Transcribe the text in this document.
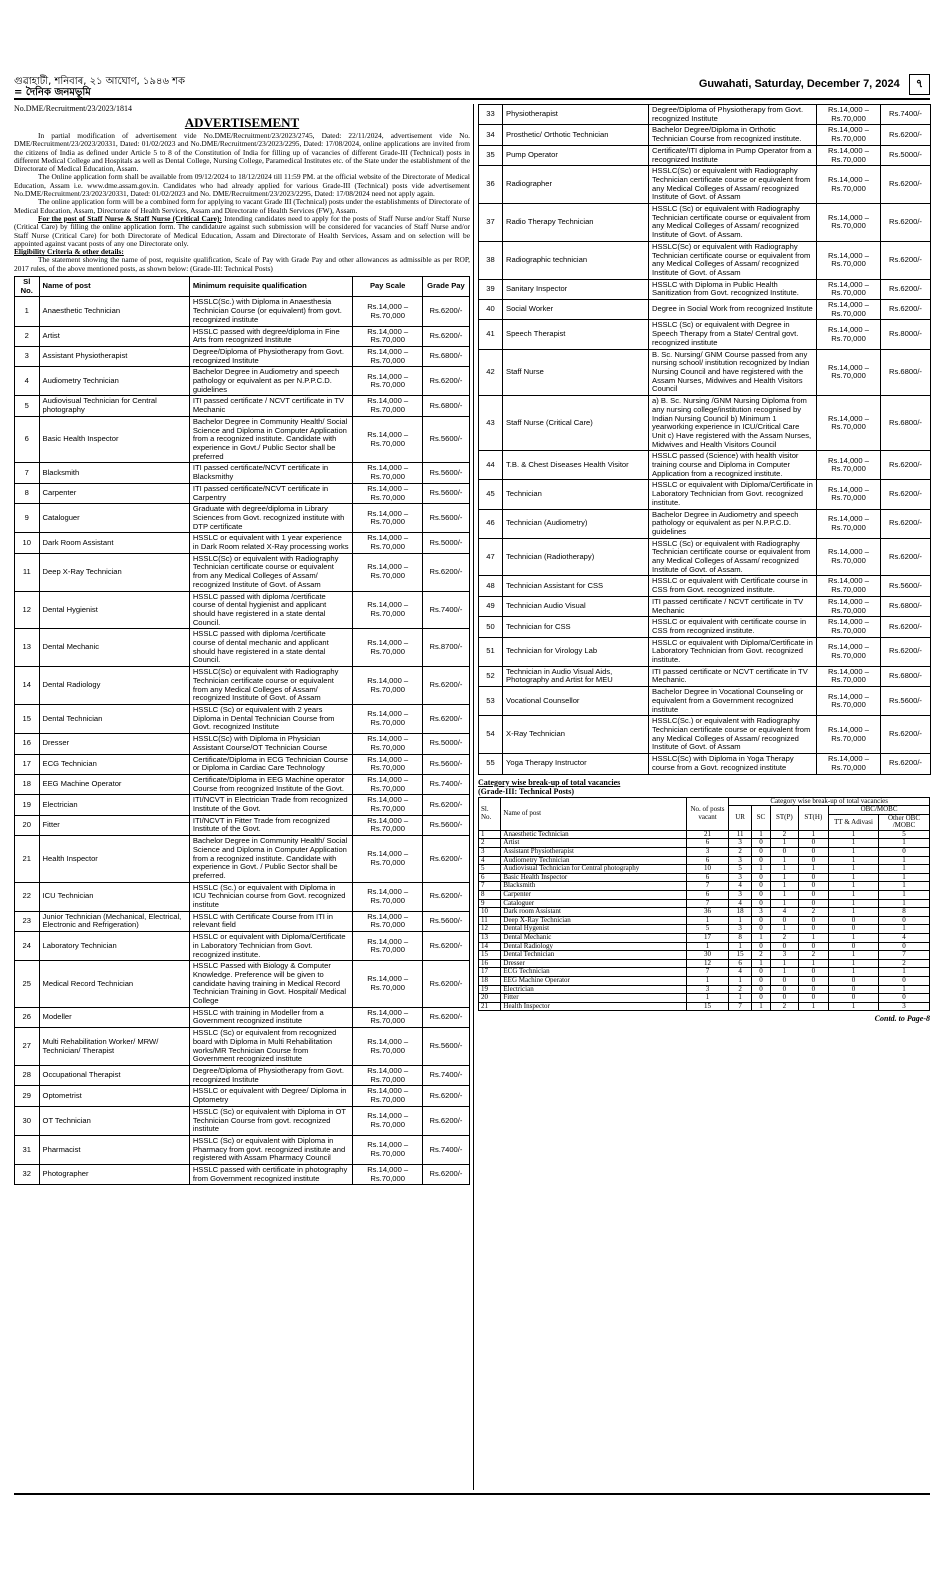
গুৱাহাটী, শনিবাৰ, ২১ আঘোণ, ১৯৪৬ শক	Guwahati, Saturday, December 7, 2024 ৭
= দৈনিক জনমভূমি
No.DME/Recruitment/23/2023/1814
ADVERTISEMENT

In partial modification of advertisement vide No.DME/Recruitment/23/2023/2745, Dated: 22/11/2024, advertisement vide No. DME/Recruitment/23/2023/20331, Dated: 01/02/2023 and No.DME/Recruitment/23/2023/2295, Dated: 17/08/2024, online applications are invited from the citizens of India as defined under Article 5 to 8 of the Constitution of India for filling up of vacancies of different Grade-III (Technical) posts in different Medical College and Hospitals as well as Dental College, Nursing College, Paramedical Institutes etc. of the State under the establishment of the Directorate of Medical Education, Assam.

The Online application form shall be available from 09/12/2024 to 18/12/2024 till 11:59 PM. at the official website of the Directorate of Medical Education, Assam i.e. www.dme.assam.gov.in. Candidates who had already applied for various Grade-III (Technical) posts vide advertisement No.DME/Recruitment/23/2023/20331, Dated: 01/02/2023 and No. DME/Recruitment/23/2023/2295, Dated: 17/08/2024 need not apply again.

The online application form will be a combined form for applying to vacant Grade III (Technical) posts under the establishments of Directorate of Medical Education, Assam, Directorate of Health Services, Assam and Directorate of Health Services (FW), Assam.

For the post of Staff Nurse & Staff Nurse (Critical Care): Intending candidates need to apply for the posts of Staff Nurse and/or Staff Nurse (Critical Care) by filling the online application form. The candidature against such submission will be considered for vacancies of Staff Nurse and/or Staff Nurse (Critical Care) for both Directorate of Medical Education, Assam and Directorate of Health Services, Assam and on selection will be appointed against vacant posts of any one Directorate only.

Eligibility Criteria & other details:

The statement showing the name of post, requisite qualification, Scale of Pay with Grade Pay and other allowances as admissible as per ROP, 2017 rules, of the above mentioned posts, as shown below: (Grade-III: Technical Posts)

Sl No.	Name of post	Minimum requisite qualification	Pay Scale	Grade Pay
1	Anaesthetic Technician	HSSLC(Sc.) with Diploma in Anaesthesia Technician Course (or equivalent) from govt. recognized institute	Rs.14,000 – Rs.70,000	Rs.6200/-
2	Artist	HSSLC passed with degree/diploma in Fine Arts from recognized Institute	Rs.14,000 – Rs.70,000	Rs.6200/-
3	Assistant Physiotherapist	Degree/Diploma of Physiotherapy from Govt. recognized Institute	Rs.14,000 – Rs.70,000	Rs.6800/-
4	Audiometry Technician	Bachelor Degree in Audiometry and speech pathology or equivalent as per N.P.P.C.D. guidelines	Rs.14,000 – Rs.70,000	Rs.6200/-
5	Audiovisual Technician for Central photography	ITI passed certificate / NCVT certificate in TV Mechanic	Rs.14,000 – Rs.70,000	Rs.6800/-
6	Basic Health Inspector	Bachelor Degree in Community Health/ Social Science and Diploma in Computer Application from a recognized institute. Candidate with experience in Govt./ Public Sector shall be preferred	Rs.14,000 – Rs.70,000	Rs.5600/-
7	Blacksmith	ITI passed certificate/NCVT certificate in Blacksmithy	Rs.14,000 – Rs.70,000	Rs.5600/-
8	Carpenter	ITI passed certificate/NCVT certificate in Carpentry	Rs.14,000 – Rs.70,000	Rs.5600/-
9	Cataloguer	Graduate with degree/diploma in Library Sciences from Govt. recognized institute with DTP certificate	Rs.14,000 – Rs.70,000	Rs.5600/-
10	Dark Room Assistant	HSSLC or equivalent with 1 year experience in Dark Room related X-Ray processing works	Rs.14,000 – Rs.70,000	Rs.5000/-
11	Deep X-Ray Technician	HSSLC(Sc) or equivalent with Radiography Technician certificate course or equivalent from any Medical Colleges of Assam/ recognized Institute of Govt. of Assam	Rs.14,000 – Rs.70,000	Rs.6200/-
12	Dental Hygienist	HSSLC passed with diploma /certificate course of dental hygienist and applicant should have registered in a state dental Council.	Rs.14,000 – Rs.70,000	Rs.7400/-
13	Dental Mechanic	HSSLC passed with diploma /certificate course of dental mechanic and applicant should have registered in a state dental Council.	Rs.14,000 – Rs.70,000	Rs.8700/-
14	Dental Radiology	HSSLC(Sc) or equivalent with Radiography Technician certificate course or equivalent from any Medical Colleges of Assam/ recognized Institute of Govt. of Assam	Rs.14,000 – Rs.70,000	Rs.6200/-
15	Dental Technician	HSSLC (Sc) or equivalent with 2 years Diploma in Dental Technician Course from Govt. recognized Institute	Rs.14,000 – Rs.70,000	Rs.6200/-
16	Dresser	HSSLC(Sc) with Diploma in Physician Assistant Course/OT Technician Course	Rs.14,000 – Rs.70,000	Rs.5000/-
17	ECG Technician	Certificate/Diploma in ECG Technician Course or Diploma in Cardiac Care Technology	Rs.14,000 – Rs.70,000	Rs.5600/-
18	EEG Machine Operator	Certificate/Diploma in EEG Machine operator Course from recognized Institute of the Govt.	Rs.14,000 – Rs.70,000	Rs.7400/-
19	Electrician	ITI/NCVT in Electrician Trade from recognized Institute of the Govt.	Rs.14,000 – Rs.70,000	Rs.6200/-
20	Fitter	ITI/NCVT in Fitter Trade from recognized Institute of the Govt.	Rs.14,000 – Rs.70,000	Rs.5600/-
21	Health Inspector	Bachelor Degree in Community Health/ Social Science and Diploma in Computer Application from a recognized institute. Candidate with experience in Govt. / Public Sector shall be preferred.	Rs.14,000 – Rs.70,000	Rs.6200/-
22	ICU Technician	HSSLC (Sc.) or equivalent with Diploma in ICU Technician course from Govt. recognized institute	Rs.14,000 – Rs.70,000	Rs.6200/-
23	Junior Technician (Mechanical, Electrical, Electronic and Refrigeration)	HSSLC with Certificate Course from ITI in relevant field	Rs.14,000 – Rs.70,000	Rs.5600/-
24	Laboratory Technician	HSSLC or equivalent with Diploma/Certificate in Laboratory Technician from Govt. recognized institute.	Rs.14,000 – Rs.70,000	Rs.6200/-
25	Medical Record Technician	HSSLC Passed with Biology & Computer Knowledge. Preference will be given to candidate having training in Medical Record Technician Training in Govt. Hospital/ Medical College	Rs.14,000 – Rs.70,000	Rs.6200/-
26	Modeller	HSSLC with training in Modeller from a Government recognized institute	Rs.14,000 – Rs.70,000	Rs.6200/-
27	Multi Rehabilitation Worker/ MRW/ Technician/ Therapist	HSSLC (Sc) or equivalent from recognized board with Diploma in Multi Rehabilitation works/MR Technician Course from Government recognized institute	Rs.14,000 – Rs.70,000	Rs.5600/-
28	Occupational Therapist	Degree/Diploma of Physiotherapy from Govt. recognized Institute	Rs.14,000 – Rs.70,000	Rs.7400/-
29	Optometrist	HSSLC or equivalent with Degree/ Diploma in Optometry	Rs.14,000 – Rs.70,000	Rs.6200/-
30	OT Technician	HSSLC (Sc) or equivalent with Diploma in OT Technician Course from govt. recognized institute	Rs.14,000 – Rs.70,000	Rs.6200/-
31	Pharmacist	HSSLC (Sc) or equivalent with Diploma in Pharmacy from govt. recognized institute and registered with Assam Pharmacy Council	Rs.14,000 – Rs.70,000	Rs.7400/-
32	Photographer	HSSLC passed with certificate in photography from Government recognized institute	Rs.14,000 – Rs.70,000	Rs.6200/-
33	Physiotherapist	Degree/Diploma of Physiotherapy from Govt. recognized Institute	Rs.14,000 – Rs.70,000	Rs.7400/-
34	Prosthetic/ Orthotic Technician	Bachelor Degree/Diploma in Orthotic Technician Course from recognized institute.	Rs.14,000 – Rs.70,000	Rs.6200/-
35	Pump Operator	Certificate/ITI diploma in Pump Operator from a recognized Institute	Rs.14,000 – Rs.70,000	Rs.5000/-
36	Radiographer	HSSLC(Sc) or equivalent with Radiography Technician certificate course or equivalent from any Medical Colleges of Assam/ recognized Institute of Govt. of Assam	Rs.14,000 – Rs.70,000	Rs.6200/-
37	Radio Therapy Technician	HSSLC (Sc) or equivalent with Radiography Technician certificate course or equivalent from any Medical Colleges of Assam/ recognized Institute of Govt. of Assam.	Rs.14,000 – Rs.70,000	Rs.6200/-
38	Radiographic technician	HSSLC(Sc) or equivalent with Radiography Technician certificate course or equivalent from any Medical Colleges of Assam/ recognized Institute of Govt. of Assam	Rs.14,000 – Rs.70,000	Rs.6200/-
39	Sanitary Inspector	HSSLC with Diploma in Public Health Sanitization from Govt. recognized Institute.	Rs.14,000 – Rs.70,000	Rs.6200/-
40	Social Worker	Degree in Social Work from recognized Institute	Rs.14,000 – Rs.70,000	Rs.6200/-
41	Speech Therapist	HSSLC (Sc) or equivalent with Degree in Speech Therapy from a State/ Central govt. recognized institute	Rs.14,000 – Rs.70,000	Rs.8000/-
42	Staff Nurse	B. Sc. Nursing/ GNM Course passed from any nursing school/ institution recognized by Indian Nursing Council and have registered with the Assam Nurses, Midwives and Health Visitors Council	Rs.14,000 – Rs.70,000	Rs.6800/-
43	Staff Nurse (Critical Care)	a) B. Sc. Nursing /GNM Nursing Diploma from any nursing college/institution recognised by Indian Nursing Council b) Minimum 1 yearworking experience in ICU/Critical Care Unit c) Have registered with the Assam Nurses, Midwives and Health Visitors Council	Rs.14,000 – Rs.70,000	Rs.6800/-
44	T.B. & Chest Diseases Health Visitor	HSSLC passed (Science) with health visitor training course and Diploma in Computer Application from a recognized institute.	Rs.14,000 – Rs.70,000	Rs.6200/-
45	Technician	HSSLC or equivalent with Diploma/Certificate in Laboratory Technician from Govt. recognized institute.	Rs.14,000 – Rs.70,000	Rs.6200/-
46	Technician (Audiometry)	Bachelor Degree in Audiometry and speech pathology or equivalent as per N.P.P.C.D. guidelines	Rs.14,000 – Rs.70,000	Rs.6200/-
47	Technician (Radiotherapy)	HSSLC (Sc) or equivalent with Radiography Technician certificate course or equivalent from any Medical Colleges of Assam/ recognized Institute of Govt. of Assam.	Rs.14,000 – Rs.70,000	Rs.6200/-
48	Technician Assistant for CSS	HSSLC or equivalent with Certificate course in CSS from Govt. recognized institute.	Rs.14,000 – Rs.70,000	Rs.5600/-
49	Technician Audio Visual	ITI passed certificate / NCVT certificate in TV Mechanic	Rs.14,000 – Rs.70,000	Rs.6800/-
50	Technician for CSS	HSSLC or equivalent with certificate course in CSS from recognized institute.	Rs.14,000 – Rs.70,000	Rs.6200/-
51	Technician for Virology Lab	HSSLC or equivalent with Diploma/Certificate in Laboratory Technician from Govt. recognized institute.	Rs.14,000 – Rs.70,000	Rs.6200/-
52	Technician in Audio Visual Aids, Photography and Artist for MEU	ITI passed certificate or NCVT certificate in TV Mechanic.	Rs.14,000 – Rs.70,000	Rs.6800/-
53	Vocational Counsellor	Bachelor Degree in Vocational Counseling or equivalent from a Government recognized institute	Rs.14,000 – Rs.70,000	Rs.5600/-
54	X-Ray Technician	HSSLC(Sc.) or equivalent with Radiography Technician certificate course or equivalent from any Medical Colleges of Assam/ recognized Institute of Govt. of Assam	Rs.14,000 – Rs.70,000	Rs.6200/-
55	Yoga Therapy Instructor	HSSLC(Sc) with Diploma in Yoga Therapy course from a Govt. recognized institute	Rs.14,000 – Rs.70,000	Rs.6200/-
Category wise break-up of total vacancies
(Grade-III: Technical Posts)
Sl. No.	Name of post	No. of posts vacant	Category wise break-up of total vacancies					
			UR	SC	ST(P)	ST(H)	OBC/MOBC	
							TT & Adivasi	Other OBC /MOBC
1	Anaesthetic Technician	21	11	1	2	1	1	5
2	Artist	6	3	0	1	0	1	1
3	Assistant Physiotherapist	3	2	0	0	0	1	0
4	Audiometry Technician	6	3	0	1	0	1	1
5	Audiovisual Technician for Central photography	10	5	1	1	1	1	1
6	Basic Health Inspector	6	3	0	1	0	1	1
7	Blacksmith	7	4	0	1	0	1	1
8	Carpenter	6	3	0	1	0	1	1
9	Cataloguer	7	4	0	1	0	1	1
10	Dark room Assistant	36	18	3	4	2	1	8
11	Deep X-Ray Technician	1	1	0	0	0	0	0
12	Dental Hygenist	5	3	0	1	0	0	1
13	Dental Mechanic	17	8	1	2	1	1	4
14	Dental Radiology	1	1	0	0	0	0	0
15	Dental Technician	30	15	2	3	2	1	7
16	Dresser	12	6	1	1	1	1	2
17	ECG Technician	7	4	0	1	0	1	1
18	EEG Machine Operator	1	1	0	0	0	0	0
19	Electrician	3	2	0	0	0	0	1
20	Fitter	1	1	0	0	0	0	0
21	Health Inspector	15	7	1	2	1	1	3
Contd. to Page-8
